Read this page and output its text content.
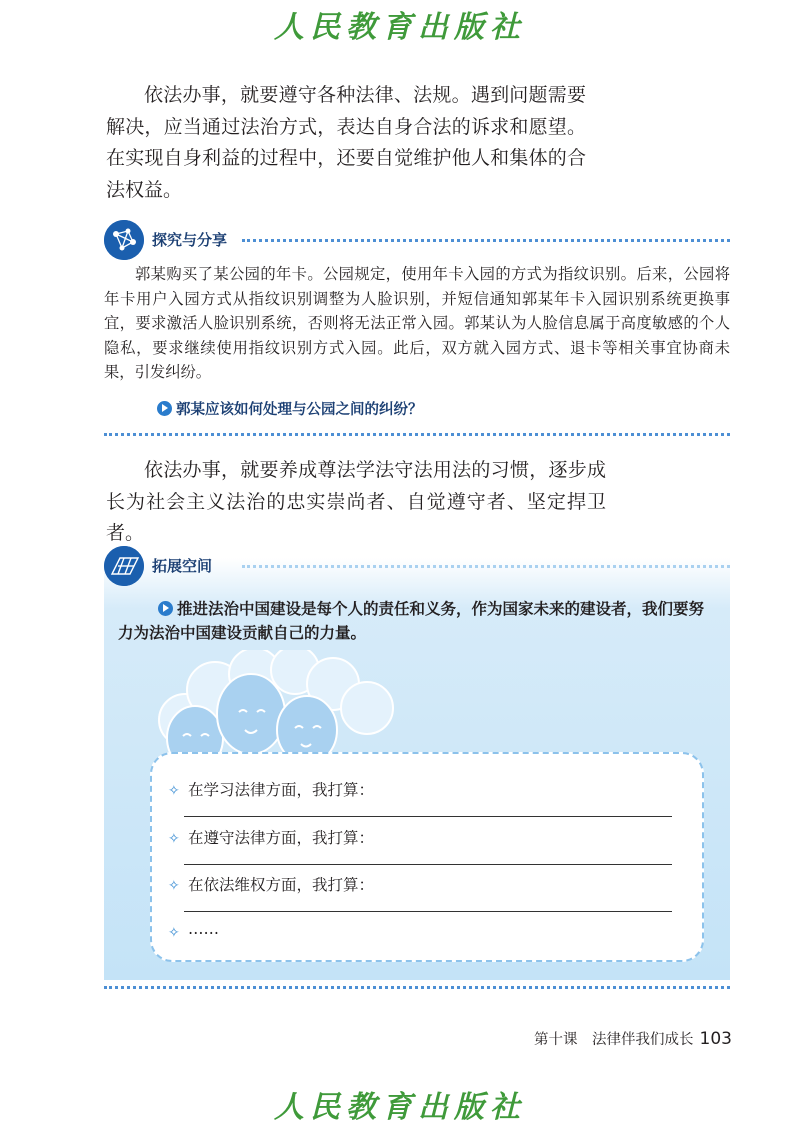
人民教育出版社

依法办事，就要遵守各种法律、法规。遇到问题需要解决，应当通过法治方式，表达自身合法的诉求和愿望。在实现自身利益的过程中，还要自觉维护他人和集体的合法权益。

探究与分享

郭某购买了某公园的年卡。公园规定，使用年卡入园的方式为指纹识别。后来，公园将年卡用户入园方式从指纹识别调整为人脸识别，并短信通知郭某年卡入园识别系统更换事宜，要求激活人脸识别系统，否则将无法正常入园。郭某认为人脸信息属于高度敏感的个人隐私，要求继续使用指纹识别方式入园。此后，双方就入园方式、退卡等相关事宜协商未果，引发纠纷。

郭某应该如何处理与公园之间的纠纷？

依法办事，就要养成尊法学法守法用法的习惯，逐步成长为社会主义法治的忠实崇尚者、自觉遵守者、坚定捍卫者。

拓展空间

推进法治中国建设是每个人的责任和义务，作为国家未来的建设者，我们要努力为法治中国建设贡献自己的力量。

✧ 在学习法律方面，我打算：
✧ 在遵守法律方面，我打算：
✧ 在依法维权方面，我打算：
✧ ……
第十课　法律伴我们成长 103
人民教育出版社
